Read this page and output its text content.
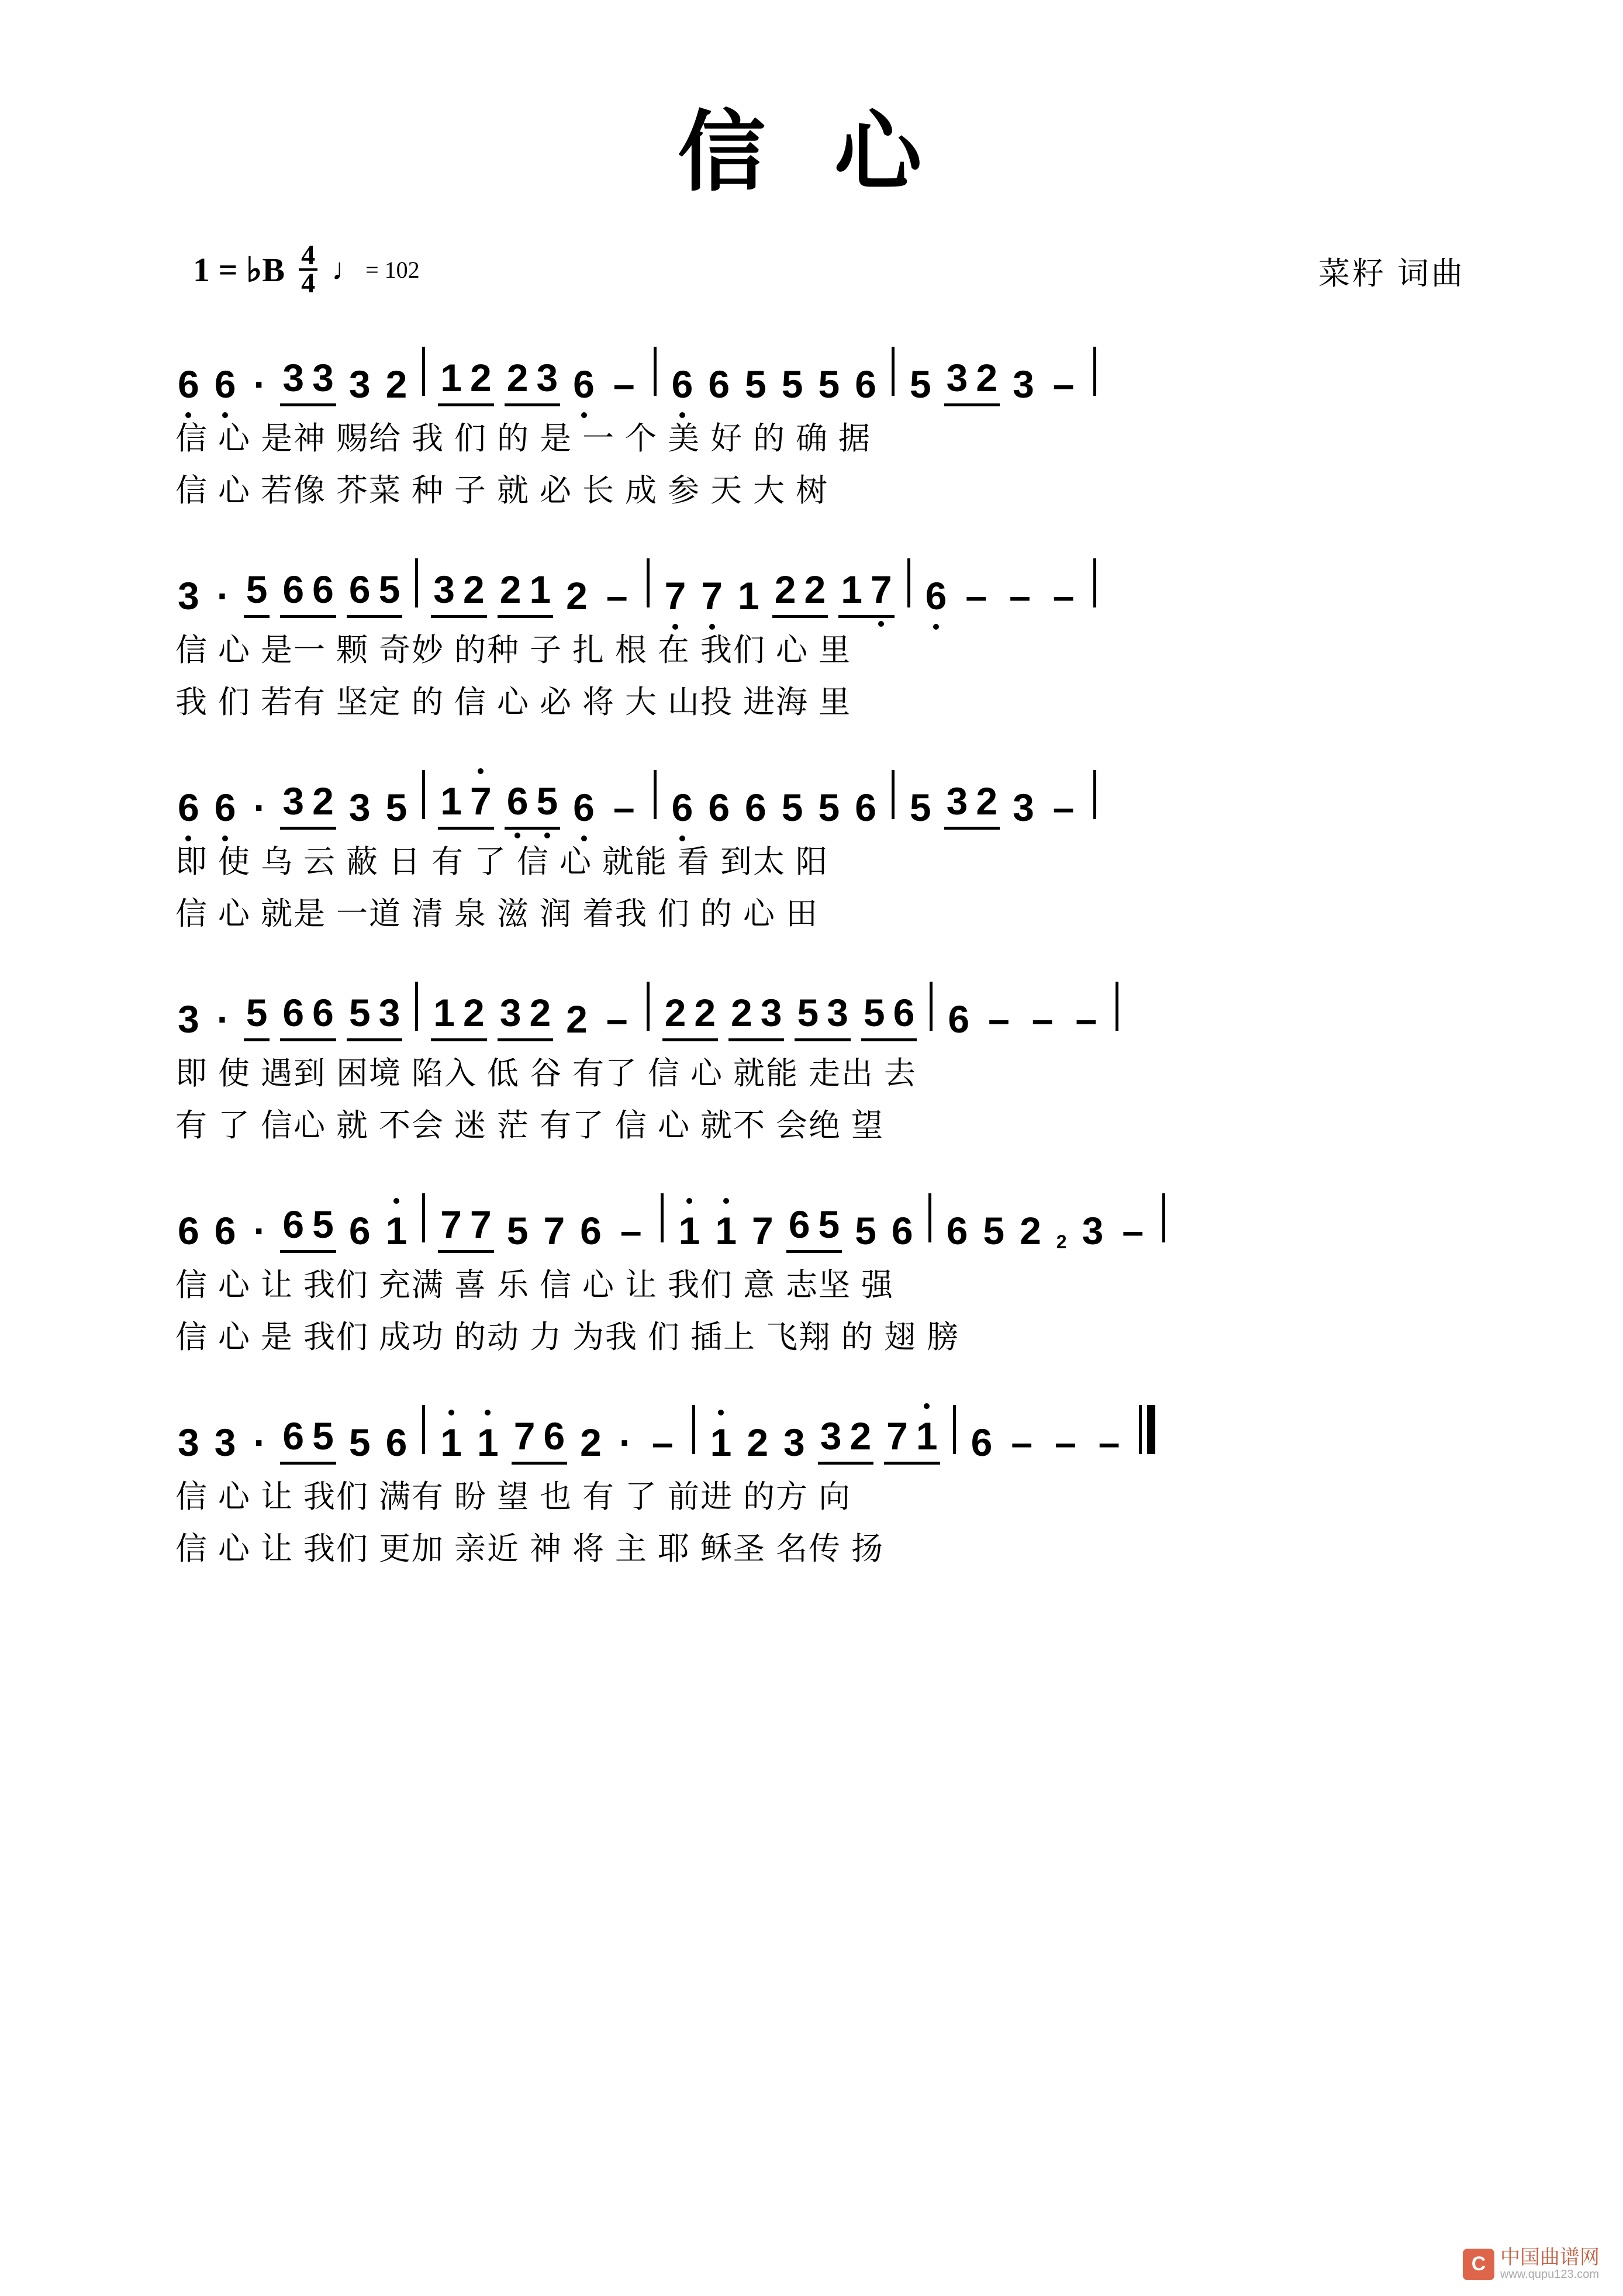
信 心
1 = ♭B $\frac{4}{4}$ ♩ = 102	菜籽 词曲
6 6 · 3 3 3 2 1 2 2 3 6 – 6 6 5 5 5 6 5 3 2 3 –
信 心 是神 赐给 我 们 的 是 一 个 美 好 的 确 据
信 心 若像 芥菜 种 子 就 必 长 成 参 天 大 树
3 · 5 6 6 6 5 3 2 2 1 2 – 7 7 1 2 2 1 7 6 – – –
信 心 是一 颗 奇妙 的种 子 扎 根 在 我们 心 里
我 们 若有 坚定 的 信 心 必 将 大 山投 进海 里
6 6 · 3 2 3 5 1 7 6 5 6 – 6 6 6 5 5 6 5 3 2 3 –
即 使 乌 云 蔽 日 有 了 信 心 就能 看 到太 阳
信 心 就是 一道 清 泉 滋 润 着我 们 的 心 田
3 · 5 6 6 5 3 1 2 3 2 2 – 2 2 2 3 5 3 5 6 6 – – –
即 使 遇到 困境 陷入 低 谷 有了 信 心 就能 走出 去
有 了 信心 就 不会 迷 茫 有了 信 心 就不 会绝 望
6 6 · 6 5 6 1 7 7 5 7 6 – 1 1 7 6 5 5 6 6 5 2 2 3 –
信 心 让 我们 充满 喜 乐 信 心 让 我们 意 志坚 强
信 心 是 我们 成功 的动 力 为我 们 插上 飞翔 的 翅 膀
3 3 · 6 5 5 6 1 1 7 6 2 · – 1 2 3 3 2 7 1 6 – – –
信 心 让 我们 满有 盼 望 也 有 了 前进 的方 向
信 心 让 我们 更加 亲近 神 将 主 耶 稣圣 名传 扬
C 中国曲谱网
www.qupu123.com
